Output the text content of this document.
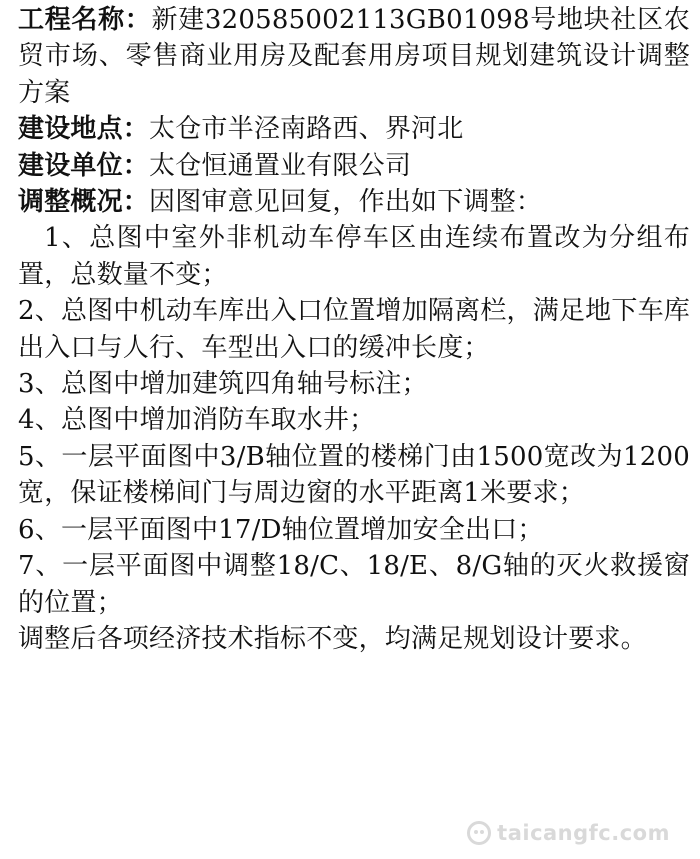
工程名称：新建320585002113GB01098号地块社区农贸市场、零售商业用房及配套用房项目规划建筑设计调整方案

建设地点：太仓市半泾南路西、界河北

建设单位：太仓恒通置业有限公司

调整概况：因图审意见回复，作出如下调整：

1、总图中室外非机动车停车区由连续布置改为分组布置，总数量不变；

2、总图中机动车库出入口位置增加隔离栏，满足地下车库出入口与人行、车型出入口的缓冲长度；

3、总图中增加建筑四角轴号标注；

4、总图中增加消防车取水井；

5、一层平面图中3/B轴位置的楼梯门由1500宽改为1200宽，保证楼梯间门与周边窗的水平距离1米要求；

6、一层平面图中17/D轴位置增加安全出口；

7、一层平面图中调整18/C、18/E、8/G轴的灭火救援窗的位置；

调整后各项经济技术指标不变，均满足规划设计要求。

taicangfc.com
